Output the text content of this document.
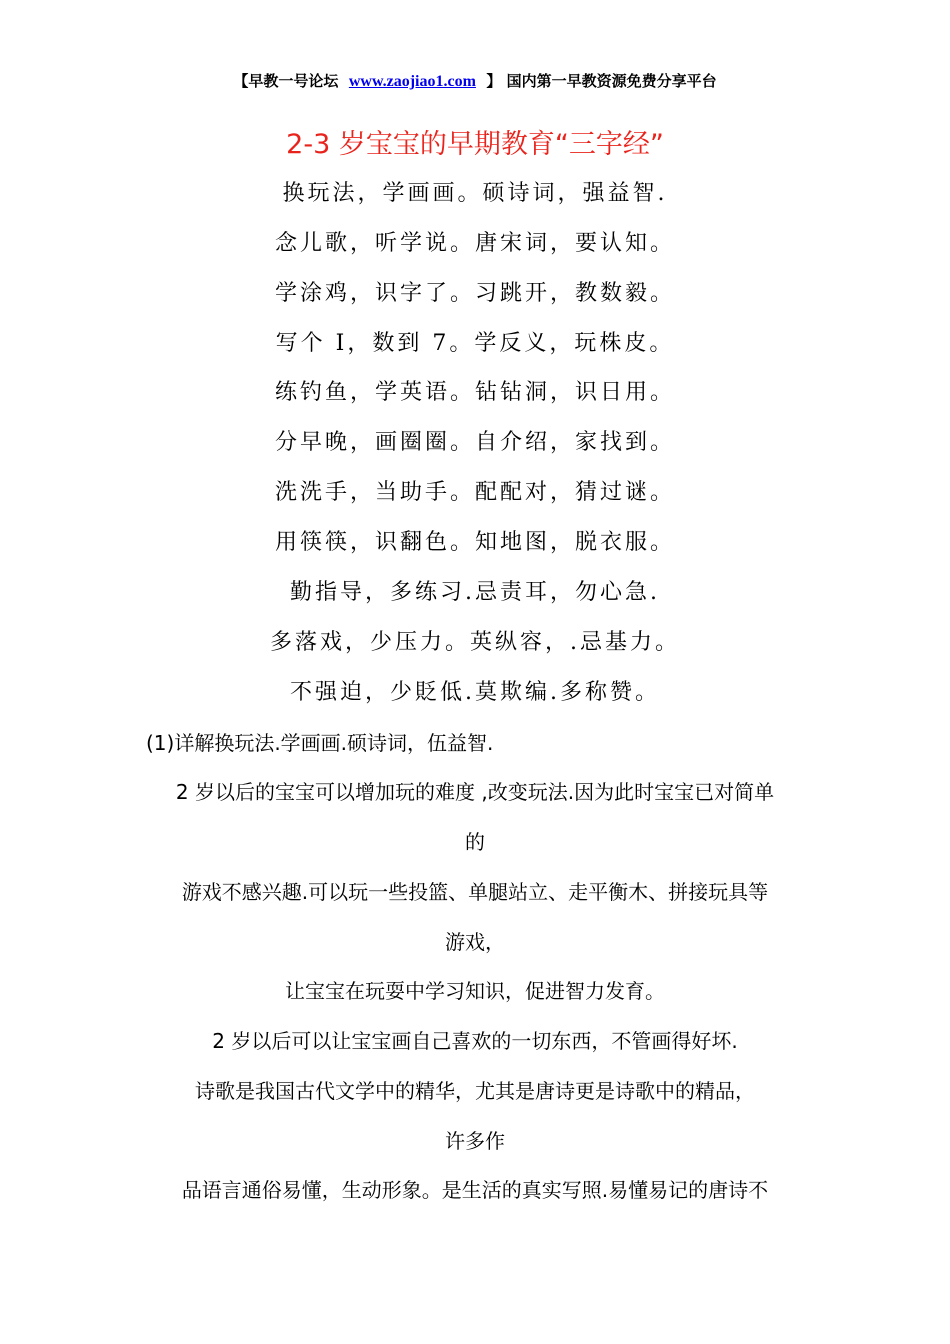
【早教一号论坛 www.zaojiao1.com 】 国内第一早教资源免费分享平台
2-3 岁宝宝的早期教育“三字经”
换玩法，学画画。硕诗词，强益智.
念儿歌，听学说。唐宋词，要认知。
学涂鸡，识字了。习跳开，教数毅。
写个 I，数到 7。学反义，玩株皮。
练钓鱼，学英语。钻钻洞，识日用。
分早晚，画圈圈。自介绍，家找到。
洗洗手，当助手。配配对，猜过谜。
用筷筷，识翻色。知地图，脱衣服。
勤指导，多练习.忌责耳，勿心急.
多落戏，少压力。英纵容，.忌基力。
不强迫，少貶低.莫欺编.多称赞。
(1)详解换玩法.学画画.硕诗词，伍益智.
2 岁以后的宝宝可以增加玩的难度 ,改变玩法.因为此时宝宝已对简单
的
游戏不感兴趣.可以玩一些投篮、单腿站立、走平衡木、拼接玩具等
游戏，
让宝宝在玩耍中学习知识，促进智力发育。
2 岁以后可以让宝宝画自己喜欢的一切东西，不管画得好坏.
诗歌是我国古代文学中的精华，尤其是唐诗更是诗歌中的精品，
许多作
品语言通俗易懂，生动形象。是生活的真实写照.易懂易记的唐诗不
